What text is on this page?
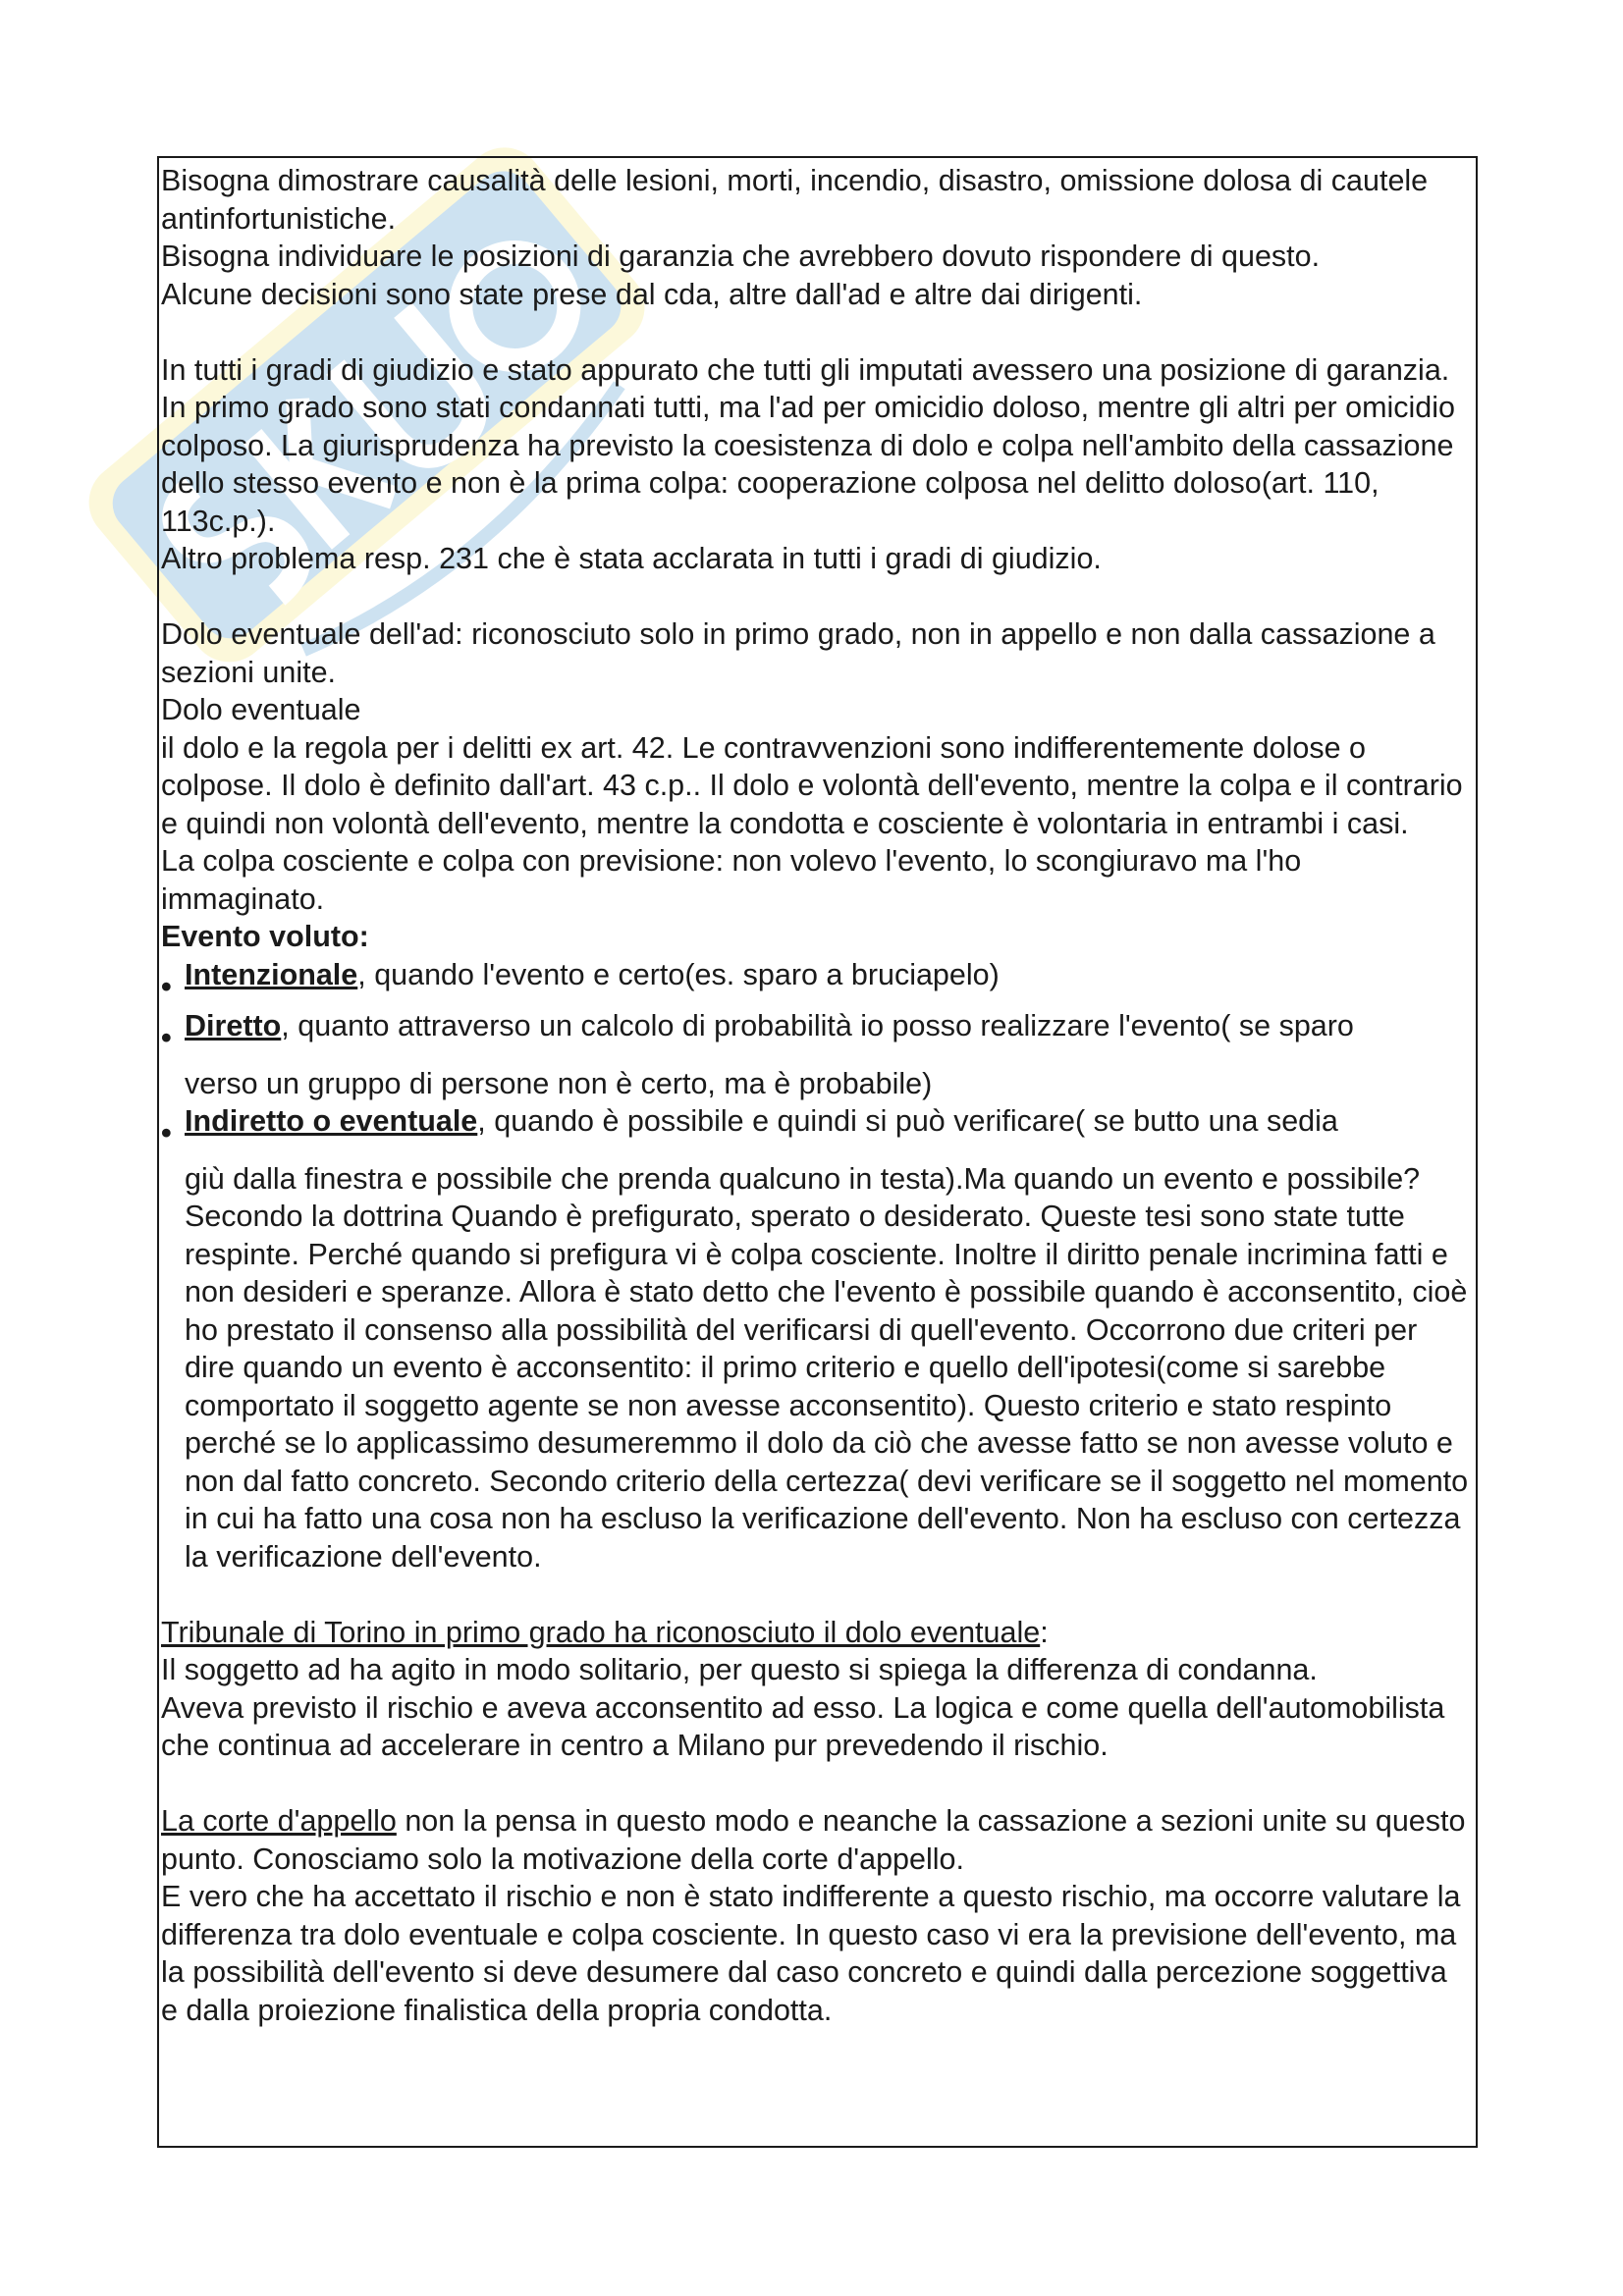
Bisogna dimostrare causalità delle lesioni, morti, incendio, disastro, omissione dolosa di cautele antinfortunistiche.

Bisogna individuare le posizioni di garanzia che avrebbero dovuto rispondere di questo.

Alcune decisioni sono state prese dal cda, altre dall'ad e altre dai dirigenti.

In tutti i gradi di giudizio e stato appurato che tutti gli imputati avessero una posizione di garanzia.

In primo grado sono stati condannati tutti, ma l'ad per omicidio doloso, mentre gli altri per omicidio colposo. La giurisprudenza ha previsto la coesistenza di dolo e colpa nell'ambito della cassazione dello stesso evento e non è la prima colpa: cooperazione colposa nel delitto doloso(art. 110, 113c.p.).

Altro problema resp. 231 che è stata acclarata in tutti i gradi di giudizio.

Dolo eventuale dell'ad: riconosciuto solo in primo grado, non in appello e non dalla cassazione a sezioni unite.

Dolo eventuale

il dolo e la regola per i delitti ex art. 42. Le contravvenzioni sono indifferentemente dolose o colpose. Il dolo è definito dall'art. 43 c.p.. Il dolo e volontà dell'evento, mentre la colpa e il contrario e quindi non volontà dell'evento, mentre la condotta e cosciente è volontaria in entrambi i casi.

La colpa cosciente e colpa con previsione: non volevo l'evento, lo scongiuravo ma l'ho immaginato.

Evento voluto:

• Intenzionale, quando l'evento e certo(es. sparo a bruciapelo)
• Diretto, quanto attraverso un calcolo di probabilità io posso realizzare l'evento( se sparo
verso un gruppo di persone non è certo, ma è probabile)
• Indiretto o eventuale, quando è possibile e quindi si può verificare( se butto una sedia
giù dalla finestra e possibile che prenda qualcuno in testa).Ma quando un evento e possibile? Secondo la dottrina Quando è prefigurato, sperato o desiderato. Queste tesi sono state tutte respinte. Perché quando si prefigura vi è colpa cosciente. Inoltre il diritto penale incrimina fatti e non desideri e speranze. Allora è stato detto che l'evento è possibile quando è acconsentito, cioè ho prestato il consenso alla possibilità del verificarsi di quell'evento. Occorrono due criteri per dire quando un evento è acconsentito: il primo criterio e quello dell'ipotesi(come si sarebbe comportato il soggetto agente se non avesse acconsentito). Questo criterio e stato respinto perché se lo applicassimo desumeremmo il dolo da ciò che avesse fatto se non avesse voluto e non dal fatto concreto. Secondo criterio della certezza( devi verificare se il soggetto nel momento in cui ha fatto una cosa non ha escluso la verificazione dell'evento. Non ha escluso con certezza la verificazione dell'evento.

Tribunale di Torino in primo grado ha riconosciuto il dolo eventuale:

Il soggetto ad ha agito in modo solitario, per questo si spiega la differenza di condanna.

Aveva previsto il rischio e aveva acconsentito ad esso. La logica e come quella dell'automobilista che continua ad accelerare in centro a Milano pur prevedendo il rischio.

La corte d'appello non la pensa in questo modo e neanche la cassazione a sezioni unite su questo punto. Conosciamo solo la motivazione della corte d'appello.

E vero che ha accettato il rischio e non è stato indifferente a questo rischio, ma occorre valutare la differenza tra dolo eventuale e colpa cosciente. In questo caso vi era la previsione dell'evento, ma la possibilità dell'evento si deve desumere dal caso concreto e quindi dalla percezione soggettiva e dalla proiezione finalistica della propria condotta.
